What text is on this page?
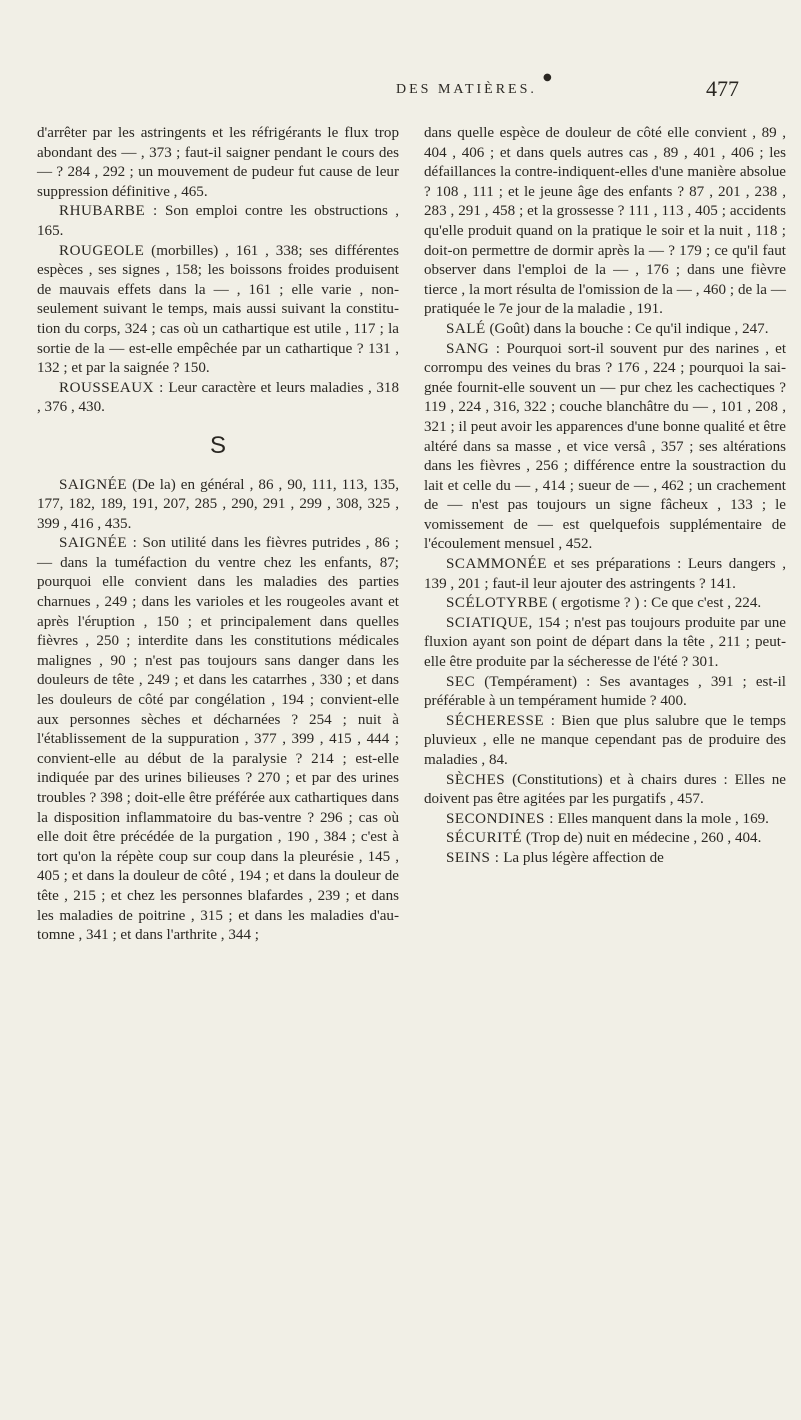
DES MATIÈRES.
●	477

d'arrêter par les astringents et les réfrigérants le flux trop abondant des — , 373 ; faut-il saigner pendant le cours des — ? 284 , 292 ; un mouvement de pudeur fut cause de leur suppression définitive , 465.

RHUBARBE : Son emploi contre les obstructions , 165.

ROUGEOLE (morbilles) , 161 , 338; ses différentes espèces , ses signes , 158; les boissons froides produisent de mauvais effets dans la — , 161 ; elle varie , non-seulement suivant le temps, mais aussi suivant la constitution du corps, 324 ; cas où un cathartique est utile , 117 ; la sortie de la — est-elle empêchée par un cathartique ? 131 , 132 ; et par la saignée ? 150.

ROUSSEAUX : Leur caractère et leurs maladies , 318 , 376 , 430.

S

SAIGNÉE (De la) en général , 86 , 90, 111, 113, 135, 177, 182, 189, 191, 207, 285 , 290, 291 , 299 , 308, 325 , 399 , 416 , 435.

SAIGNÉE : Son utilité dans les fièvres putrides , 86 ; — dans la tuméfaction du ventre chez les enfants, 87; pourquoi elle convient dans les maladies des parties charnues , 249 ; dans les varioles et les rougeoles avant et après l'éruption , 150 ; et principalement dans quelles fièvres , 250 ; interdite dans les constitutions médicales malignes , 90 ; n'est pas toujours sans danger dans les douleurs de tête , 249 ; et dans les catarrhes , 330 ; et dans les douleurs de côté par congélation , 194 ; convient-elle aux personnes sèches et décharnées ? 254 ; nuit à l'établissement de la suppuration , 377 , 399 , 415 , 444 ; convient-elle au début de la paralysie ? 214 ; est-elle indiquée par des urines bilieuses ? 270 ; et par des urines troubles ? 398 ; doit-elle être préférée aux cathartiques dans la disposition inflammatoire du bas-ventre ? 296 ; cas où elle doit être précédée de la purgation , 190 , 384 ; c'est à tort qu'on la répète coup sur coup dans la pleurésie , 145 , 405 ; et dans la douleur de côté , 194 ; et dans la douleur de tête , 215 ; et chez les personnes blafardes , 239 ; et dans les maladies de poitrine , 315 ; et dans les maladies d'automne , 341 ; et dans l'arthrite , 344 ;

dans quelle espèce de douleur de côté elle convient , 89 , 404 , 406 ; et dans quels autres cas , 89 , 401 , 406 ; les défaillances la contre-indiquent-elles d'une manière absolue ? 108 , 111 ; et le jeune âge des enfants ? 87 , 201 , 238 , 283 , 291 , 458 ; et la grossesse ? 111 , 113 , 405 ; accidents qu'elle produit quand on la pratique le soir et la nuit , 118 ; doit-on permettre de dormir après la — ? 179 ; ce qu'il faut observer dans l'emploi de la — , 176 ; dans une fièvre tierce , la mort résulta de l'omission de la — , 460 ; de la — pratiquée le 7e jour de la maladie , 191.

SALÉ (Goût) dans la bouche : Ce qu'il indique , 247.

SANG : Pourquoi sort-il souvent pur des narines , et corrompu des veines du bras ? 176 , 224 ; pourquoi la saignée fournit-elle souvent un — pur chez les cachectiques ? 119 , 224 , 316, 322 ; couche blanchâtre du — , 101 , 208 , 321 ; il peut avoir les apparences d'une bonne qualité et être altéré dans sa masse , et vice versâ , 357 ; ses altérations dans les fièvres , 256 ; différence entre la soustraction du lait et celle du — , 414 ; sueur de — , 462 ; un crachement de — n'est pas toujours un signe fâcheux , 133 ; le vomissement de — est quelquefois supplémentaire de l'écoulement mensuel , 452.

SCAMMONÉE et ses préparations : Leurs dangers , 139 , 201 ; faut-il leur ajouter des astringents ? 141.

SCÉLOTYRBE ( ergotisme ? ) : Ce que c'est , 224.

SCIATIQUE, 154 ; n'est pas toujours produite par une fluxion ayant son point de départ dans la tête , 211 ; peut-elle être produite par la sécheresse de l'été ? 301.

SEC (Tempérament) : Ses avantages , 391 ; est-il préférable à un tempérament humide ? 400.

SÉCHERESSE : Bien que plus salubre que le temps pluvieux , elle ne manque cependant pas de produire des maladies , 84.

SÈCHES (Constitutions) et à chairs dures : Elles ne doivent pas être agitées par les purgatifs , 457.

SECONDINES : Elles manquent dans la mole , 169.

SÉCURITÉ (Trop de) nuit en médecine , 260 , 404.

SEINS : La plus légère affection de
